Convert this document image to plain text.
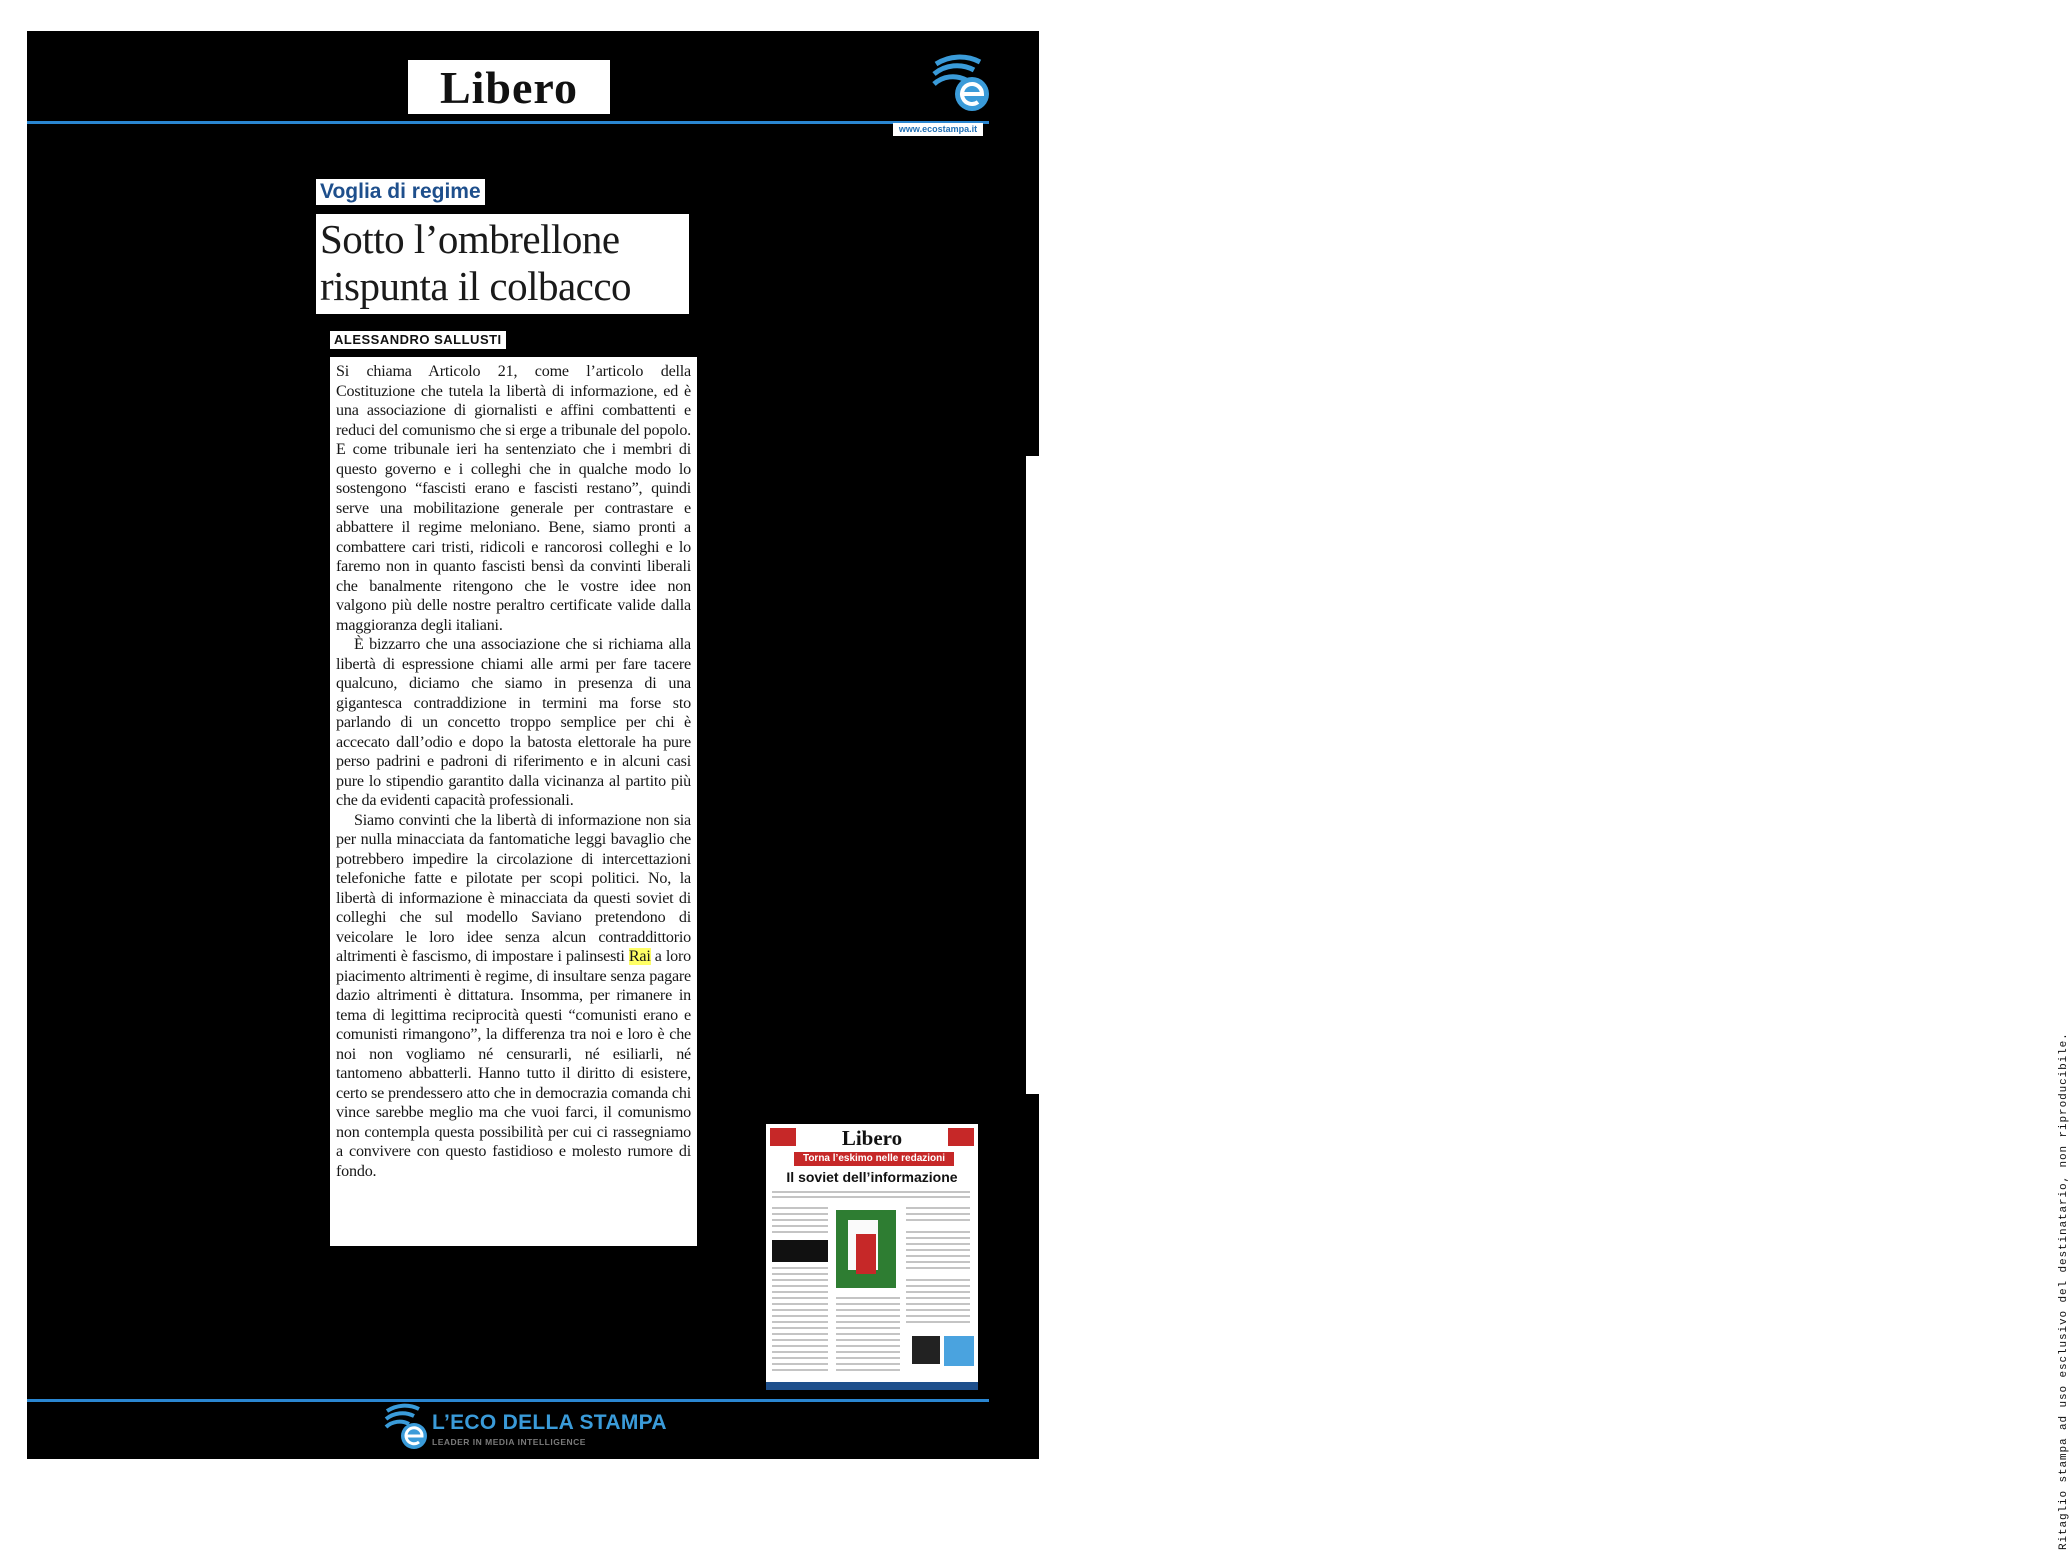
Libero
www.ecostampa.it
Voglia di regime
Sotto l’ombrellone
rispunta il colbacco
ALESSANDRO SALLUSTI

Si chiama Articolo 21, come l’articolo della Costituzione che tutela la libertà di informazione, ed è una associazione di giornalisti e affini combattenti e reduci del comunismo che si erge a tribunale del popolo. E come tribunale ieri ha sentenziato che i membri di questo governo e i colleghi che in qualche modo lo sostengono “fascisti erano e fascisti restano”, quindi serve una mobilitazione generale per contrastare e abbattere il regime meloniano. Bene, siamo pronti a combattere cari tristi, ridicoli e rancorosi colleghi e lo faremo non in quanto fascisti bensì da convinti liberali che banalmente ritengono che le vostre idee non valgono più delle nostre peraltro certificate valide dalla maggioranza degli italiani.

È bizzarro che una associazione che si richiama alla libertà di espressione chiami alle armi per fare tacere qualcuno, diciamo che siamo in presenza di una gigantesca contraddizione in termini ma forse sto parlando di un concetto troppo semplice per chi è accecato dall’odio e dopo la batosta elettorale ha pure perso padrini e padroni di riferimento e in alcuni casi pure lo stipendio garantito dalla vicinanza al partito più che da evidenti capacità professionali.

Siamo convinti che la libertà di informazione non sia per nulla minacciata da fantomatiche leggi bavaglio che potrebbero impedire la circolazione di intercettazioni telefoniche fatte e pilotate per scopi politici. No, la libertà di informazione è minacciata da questi soviet di colleghi che sul modello Saviano pretendono di veicolare le loro idee senza alcun contraddittorio altrimenti è fascismo, di impostare i palinsesti Rai a loro piacimento altrimenti è regime, di insultare senza pagare dazio altrimenti è dittatura. Insomma, per rimanere in tema di legittima reciprocità questi “comunisti erano e comunisti rimangono”, la differenza tra noi e loro è che noi non vogliamo né censurarli, né esiliarli, né tantomeno abbatterli. Hanno tutto il diritto di esistere, certo se prendessero atto che in democrazia comanda chi vince sarebbe meglio ma che vuoi farci, il comunismo non contempla questa possibilità per cui ci rassegniamo a convivere con questo fastidioso e molesto rumore di fondo.	Ritaglio stampa ad uso esclusivo del destinatario, non riproducibile.
Libero
Torna l’eskimo nelle redazioni
Il soviet dell’informazione
L’ECO DELLA STAMPA
LEADER IN MEDIA INTELLIGENCE
